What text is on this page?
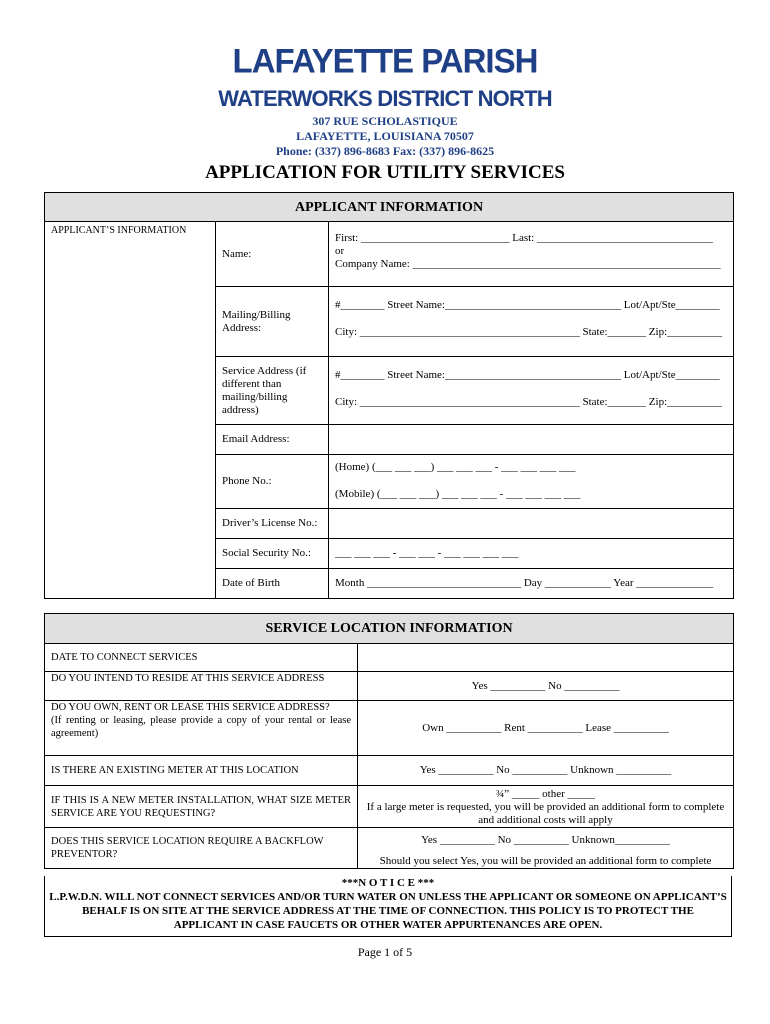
LAFAYETTE PARISH
WATERWORKS DISTRICT NORTH
307 RUE SCHOLASTIQUE
LAFAYETTE, LOUISIANA 70507
Phone: (337) 896-8683 Fax: (337) 896-8625
APPLICATION FOR UTILITY SERVICES
APPLICANT INFORMATION		
APPLICANT’S INFORMATION	Name:	First: ___________________________ Last: ________________________________
or
Company Name: ________________________________________________________

	Mailing/Billing Address:	#________ Street Name:________________________________ Lot/Apt/Ste________
City: ________________________________________ State:_______ Zip:__________

	Service Address (if different than mailing/billing address)	#________ Street Name:________________________________ Lot/Apt/Ste________
City: ________________________________________ State:_______ Zip:__________

	Email Address:	
	Phone No.:	(Home) (___ ___ ___) ___ ___ ___ - ___ ___ ___ ___
(Mobile) (___ ___ ___) ___ ___ ___ - ___ ___ ___ ___

	Driver’s License No.:	
	Social Security No.:	___ ___ ___ - ___ ___ - ___ ___ ___ ___
	Date of Birth	Month ____________________________ Day ____________ Year ______________
SERVICE LOCATION INFORMATION	
DATE TO CONNECT SERVICES	
DO YOU INTEND TO RESIDE AT THIS SERVICE ADDRESS	Yes __________ No __________

DO YOU OWN, RENT OR LEASE THIS SERVICE ADDRESS?
(If renting or leasing, please provide a copy of your rental or lease agreement)	Own __________ Rent __________ Lease __________
IS THERE AN EXISTING METER AT THIS LOCATION	Yes __________ No __________ Unknown __________
IF THIS IS A NEW METER INSTALLATION, WHAT SIZE METER SERVICE ARE YOU REQUESTING?	¾” _____ other _____
If a large meter is requested, you will be provided an additional form to complete and additional costs will apply

DOES THIS SERVICE LOCATION REQUIRE A BACKFLOW PREVENTOR?	Yes __________ No __________ Unknown__________
Should you select Yes, you will be provided an additional form to complete
***N O T I C E ***
L.P.W.D.N. WILL NOT CONNECT SERVICES AND/OR TURN WATER ON UNLESS THE APPLICANT OR SOMEONE ON APPLICANT’S BEHALF IS ON SITE AT THE SERVICE ADDRESS AT THE TIME OF CONNECTION. THIS POLICY IS TO PROTECT THE APPLICANT IN CASE FAUCETS OR OTHER WATER APPURTENANCES ARE OPEN.
Page 1 of 5
